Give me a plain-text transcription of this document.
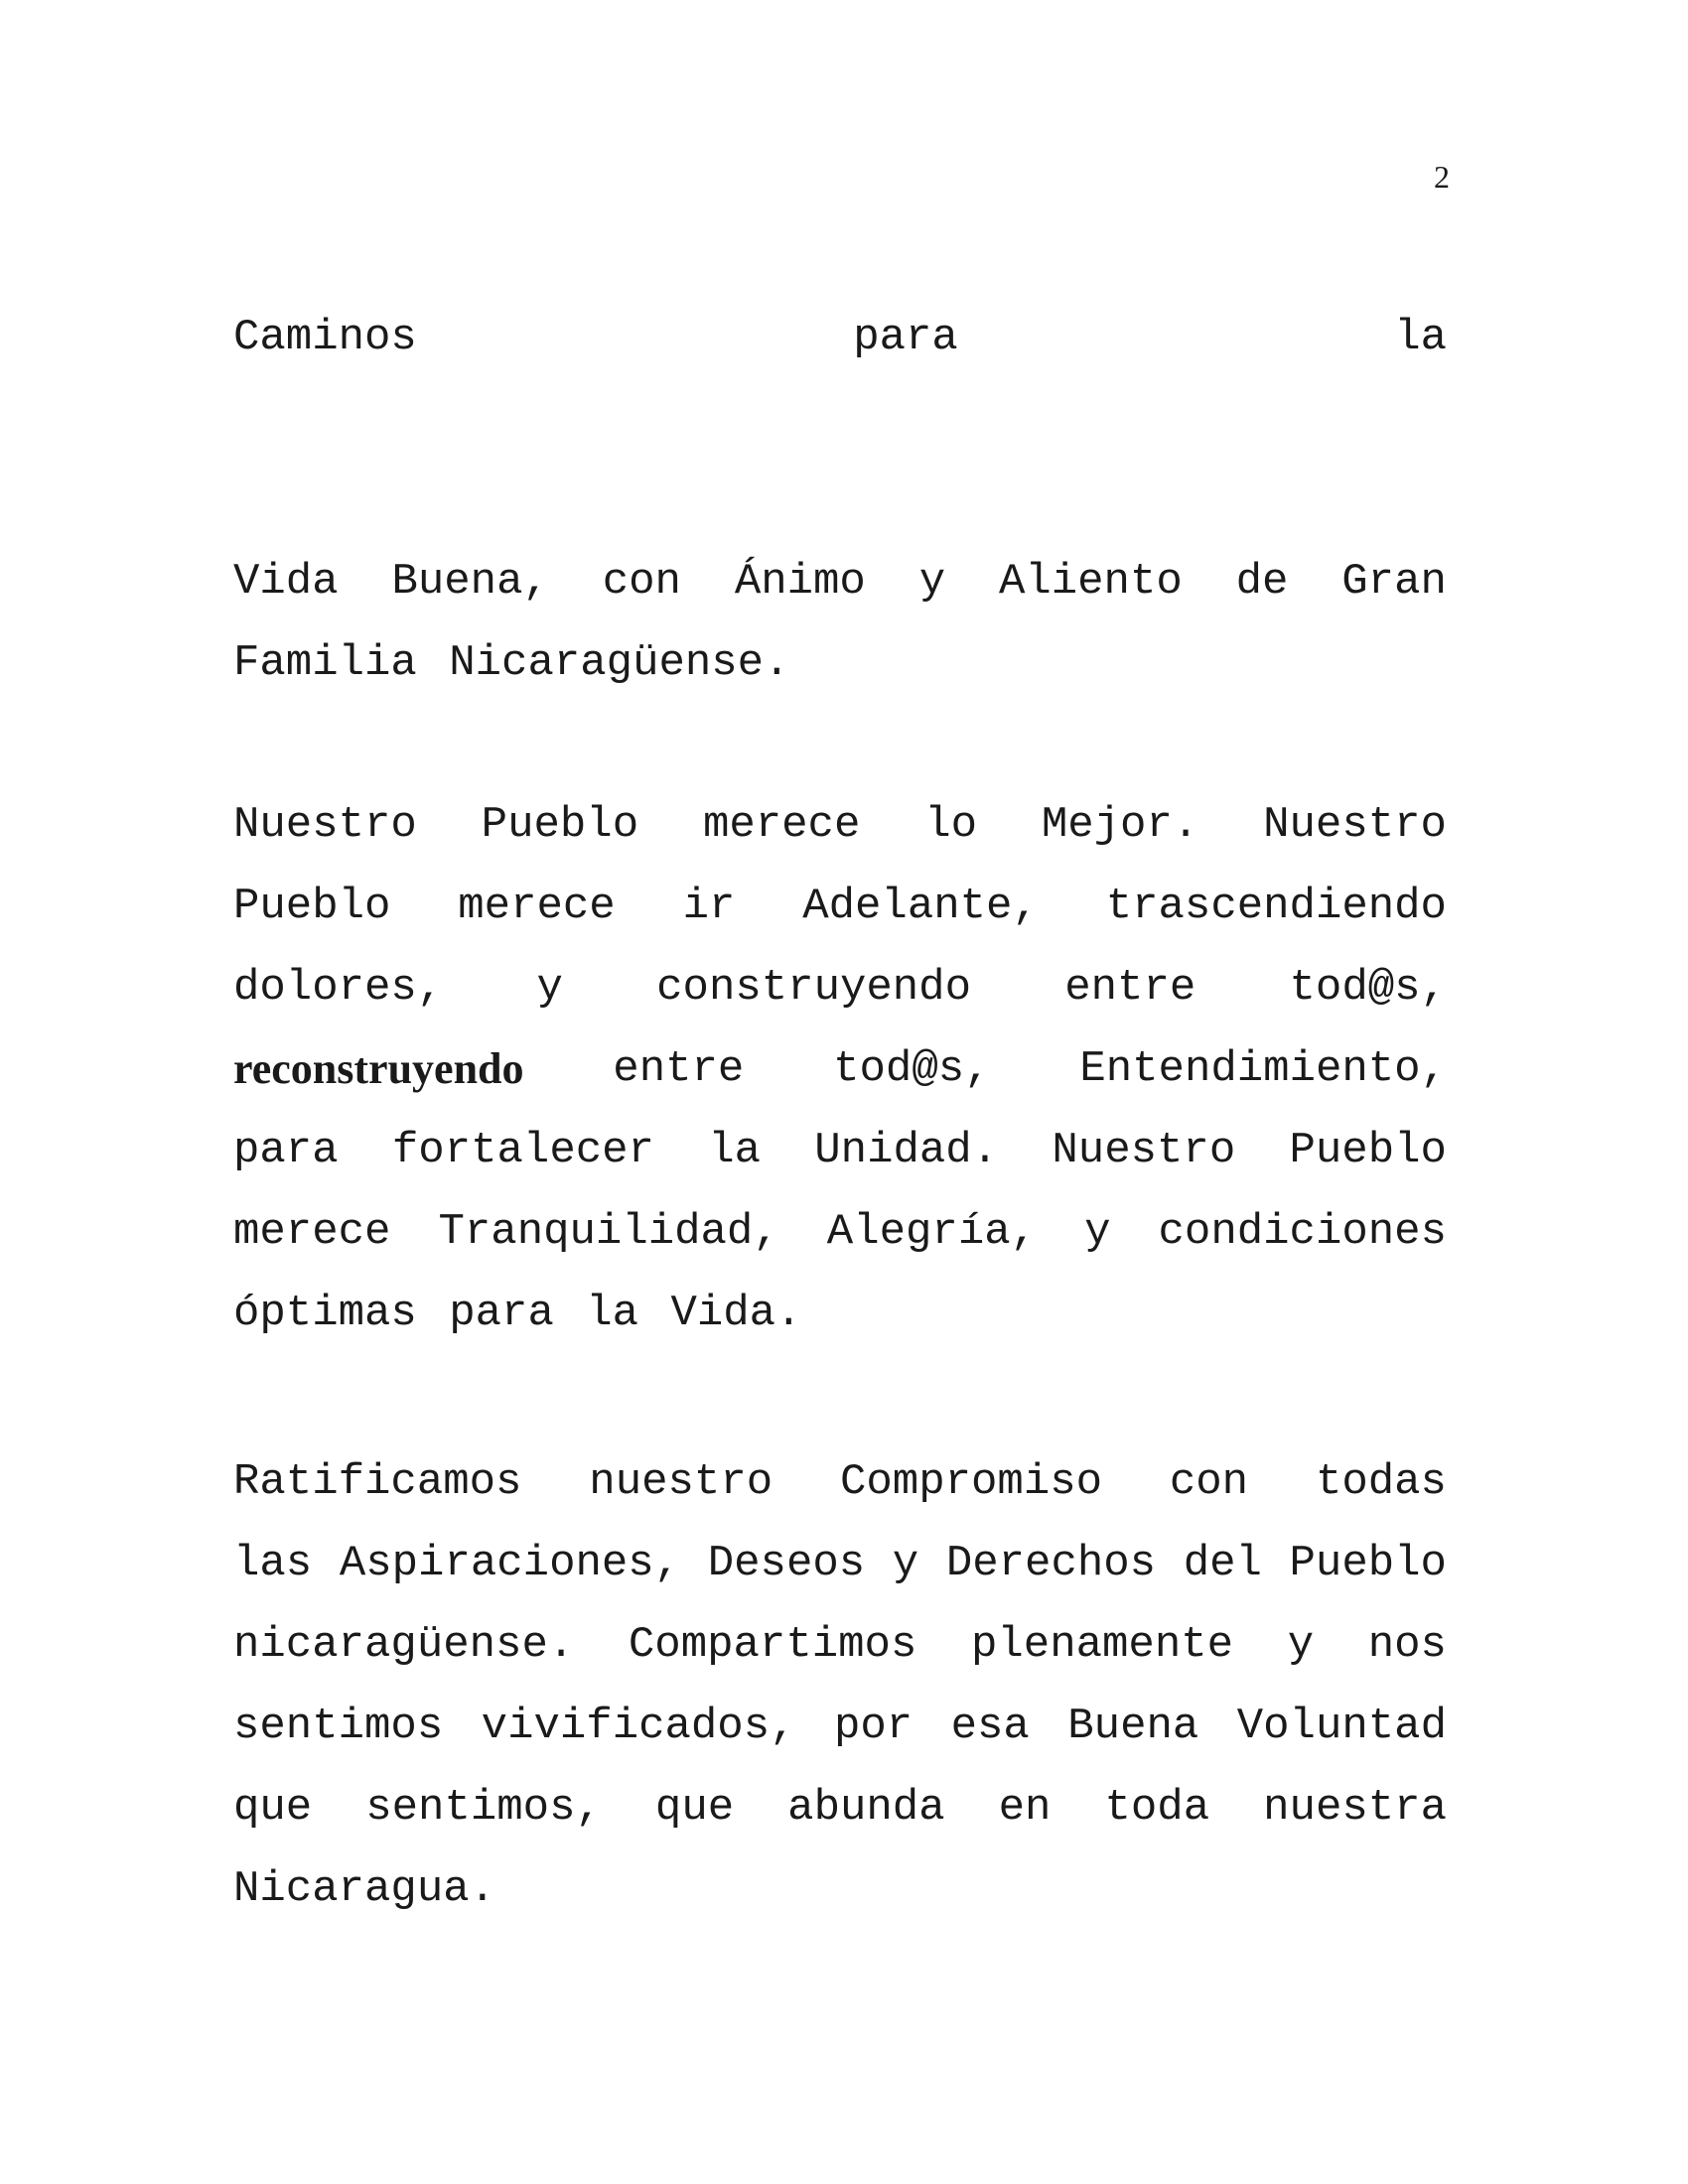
2
Caminos	para	la
Vida Buena, con Ánimo y Aliento de Gran
Familia Nicaragüense.
Nuestro Pueblo merece lo Mejor. Nuestro
Pueblo merece ir Adelante, trascendiendo
dolores, y construyendo entre tod@s,
reconstruyendo entre tod@s, Entendimiento,
para fortalecer la Unidad. Nuestro Pueblo
merece Tranquilidad, Alegría, y condiciones
óptimas para la Vida.
Ratificamos nuestro Compromiso con todas
las Aspiraciones, Deseos y Derechos del Pueblo
nicaragüense. Compartimos plenamente y nos
sentimos vivificados, por esa Buena Voluntad
que sentimos, que abunda en toda nuestra
Nicaragua.
